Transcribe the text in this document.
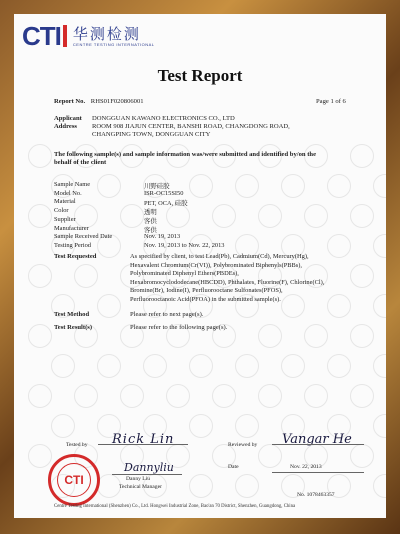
CTI 华测检测
CENTRE TESTING INTERNATIONAL
Test Report
Report No. RHS01F020806001	Page 1 of 6
Applicant DONGGUAN KAWANO ELECTRONICS CO., LTD
Address ROOM 908 JIAJUN CENTER, BANSHI ROAD, CHANGDONG ROAD,
CHANGPING TOWN, DONGGUAN CITY
The following sample(s) and sample information was/were submitted and identified by/on the
behalf of the client
Sample Name	川野硅胶
Model No.	ISR-OC15SI50
Material	PET, OCA, 硅胶
Color	透明
Supplier	客供
Manufacturer	客供
Sample Received Date	Nov. 19, 2013
Testing Period	Nov. 19, 2013 to Nov. 22, 2013
Test Requested	As specified by client, to test Lead(Pb), Cadmium(Cd), Mercury(Hg),
Hexavalent Chromium(Cr(VI)), Polybrominated Biphenyls(PBBs),
Polybrominated Diphenyl Ethers(PBDEs),
Hexabromocyclododecane(HBCDD), Phthalates, Fluorine(F), Chlorine(Cl),
Bromine(Br), Iodine(I), Perfluorooctane Sulfonates(PFOS),
Perfluorooctanoic Acid(PFOA) in the submitted sample(s).
Test Method	Please refer to next page(s).
Test Result(s)	Please refer to the following page(s).
Tested by Rick Lin	Reviewed by Vangar He
Dannyliu	Date	Nov. 22, 2013
Danny Liu
Technical Manager
No. 1078463357
CTI
Centre Testing International (Shenzhen) Co., Ltd. Hongwei Industrial Zone, Bao'an 70 District, Shenzhen, Guangdong, China
